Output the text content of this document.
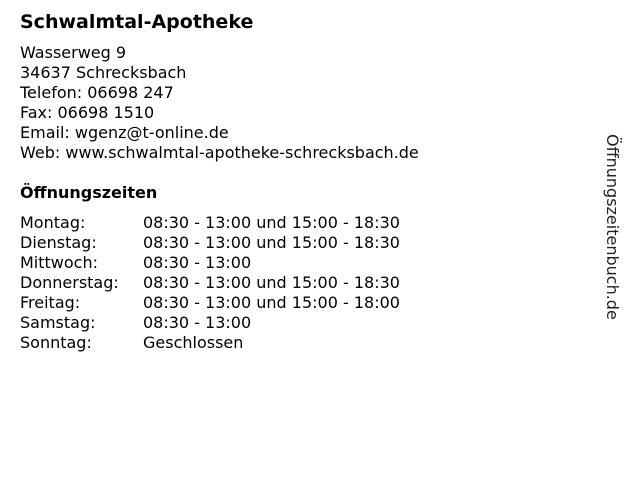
Schwalmtal-Apotheke
Wasserweg 9
34637 Schrecksbach
Telefon: 06698 247
Fax: 06698 1510
Email: wgenz@t-online.de
Web: www.schwalmtal-apotheke-schrecksbach.de
Öffnungszeiten
Montag:	08:30 - 13:00 und 15:00 - 18:30
Dienstag:	08:30 - 13:00 und 15:00 - 18:30
Mittwoch:	08:30 - 13:00
Donnerstag: 08:30 - 13:00 und 15:00 - 18:30
Freitag:	08:30 - 13:00 und 15:00 - 18:00
Samstag:	08:30 - 13:00
Sonntag:	Geschlossen
Öffnungszeitenbuch.de
